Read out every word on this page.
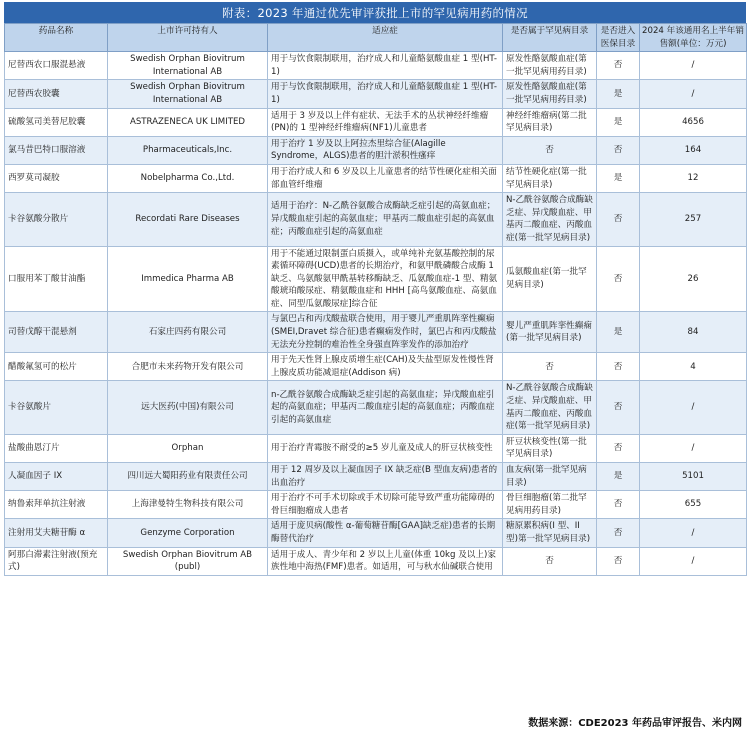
附表：2023 年通过优先审评获批上市的罕见病用药的情况
药品名称	上市许可持有人	适应症	是否属于罕见病目录	是否进入医保目录	2024 年该通用名上半年销售额(单位：万元)
尼替西农口服混悬液	Swedish Orphan Biovitrum International AB	用于与饮食限制联用，治疗成人和儿童酪氨酸血症 1 型(HT-1)	原发性酪氨酸血症(第一批罕见病用药目录)	否	/
尼替西农胶囊	Swedish Orphan Biovitrum International AB	用于与饮食限制联用，治疗成人和儿童酪氨酸血症 1 型(HT-1)	原发性酪氨酸血症(第一批罕见病用药目录)	是	/
硫酸氢司美替尼胶囊	ASTRAZENECA UK LIMITED	适用于 3 岁及以上伴有症状、无法手术的丛状神经纤维瘤(PN)的 1 型神经纤维瘤病(NF1)儿童患者	神经纤维瘤病(第二批罕见病目录)	是	4656
氯马昔巴特口服溶液	Pharmaceuticals,Inc.	用于治疗 1 岁及以上阿拉杰里综合征(Alagille Syndrome，ALGS)患者的胆汁淤积性瘙痒	否	否	164
西罗莫司凝胶	Nobelpharma Co.,Ltd.	用于治疗成人和 6 岁及以上儿童患者的结节性硬化症相关面部血管纤维瘤	结节性硬化症(第一批罕见病目录)	是	12
卡谷氨酸分散片	Recordati Rare Diseases	适用于治疗：N-乙酰谷氨酸合成酶缺乏症引起的高氨血症；异戊酸血症引起的高氨血症；甲基丙二酸血症引起的高氨血症；丙酸血症引起的高氨血症	N-乙酰谷氨酸合成酶缺乏症、异戊酸血症、甲基丙二酸血症、丙酸血症(第一批罕见病目录)	否	257
口服用苯丁酸甘油酯	Immedica Pharma AB	用于不能通过限制蛋白质摄入，或单纯补充氨基酸控制的尿素循环障碍(UCD)患者的长期治疗，和氨甲酰磷酸合成酶 1 缺乏、鸟氨酸氨甲酰基转移酶缺乏、瓜氨酸血症-1 型、精氨酸琥珀酸尿症、精氨酸血症和 HHH [高鸟氨酸血症、高氨血症、同型瓜氨酸尿症]综合征	瓜氨酸血症(第一批罕见病目录)	否	26
司替戊醇干混悬剂	石家庄四药有限公司	与氯巴占和丙戊酸盐联合使用，用于婴儿严重肌阵挛性癫痫(SMEI,Dravet 综合征)患者癫痫发作时，氯巴占和丙戊酸盐无法充分控制的难治性全身强直阵挛发作的添加治疗	婴儿严重肌阵挛性癫痫(第一批罕见病目录)	是	84
醋酸氟氢可的松片	合肥市未来药物开发有限公司	用于先天性肾上腺皮质增生症(CAH)及失盐型原发性慢性肾上腺皮质功能减退症(Addison 病)	否	否	4
卡谷氨酸片	远大医药(中国)有限公司	n-乙酰谷氨酸合成酶缺乏症引起的高氨血症；异戊酸血症引起的高氨血症；甲基丙二酸血症引起的高氨血症；丙酸血症引起的高氨血症	N-乙酰谷氨酸合成酶缺乏症、异戊酸血症、甲基丙二酸血症、丙酸血症(第一批罕见病目录)	否	/
盐酸曲恩汀片	Orphan	用于治疗青霉胺不耐受的≥5 岁儿童及成人的肝豆状核变性	肝豆状核变性(第一批罕见病目录)	否	/
人凝血因子 IX	四川远大蜀阳药业有限责任公司	用于 12 周岁及以上凝血因子 IX 缺乏症(B 型血友病)患者的出血治疗	血友病(第一批罕见病目录)	是	5101
纳鲁索拜单抗注射液	上海津曼特生物科技有限公司	用于治疗不可手术切除或手术切除可能导致严重功能障碍的骨巨细胞瘤成人患者	骨巨细胞瘤(第二批罕见病用药目录)	否	655
注射用艾夫糖苷酶 α	Genzyme Corporation	适用于庞贝病(酸性 α-葡萄糖苷酶[GAA]缺乏症)患者的长期酶替代治疗	糖原累积病(I 型、II 型)第一批罕见病目录)	否	/
阿那白滞素注射液(预充式)	Swedish Orphan Biovitrum AB (publ)	适用于成人、青少年和 2 岁以上儿童(体重 10kg 及以上)家族性地中海热(FMF)患者。如适用，可与秋水仙碱联合使用	否	否	/
数据来源：CDE2023 年药品审评报告、米内网
